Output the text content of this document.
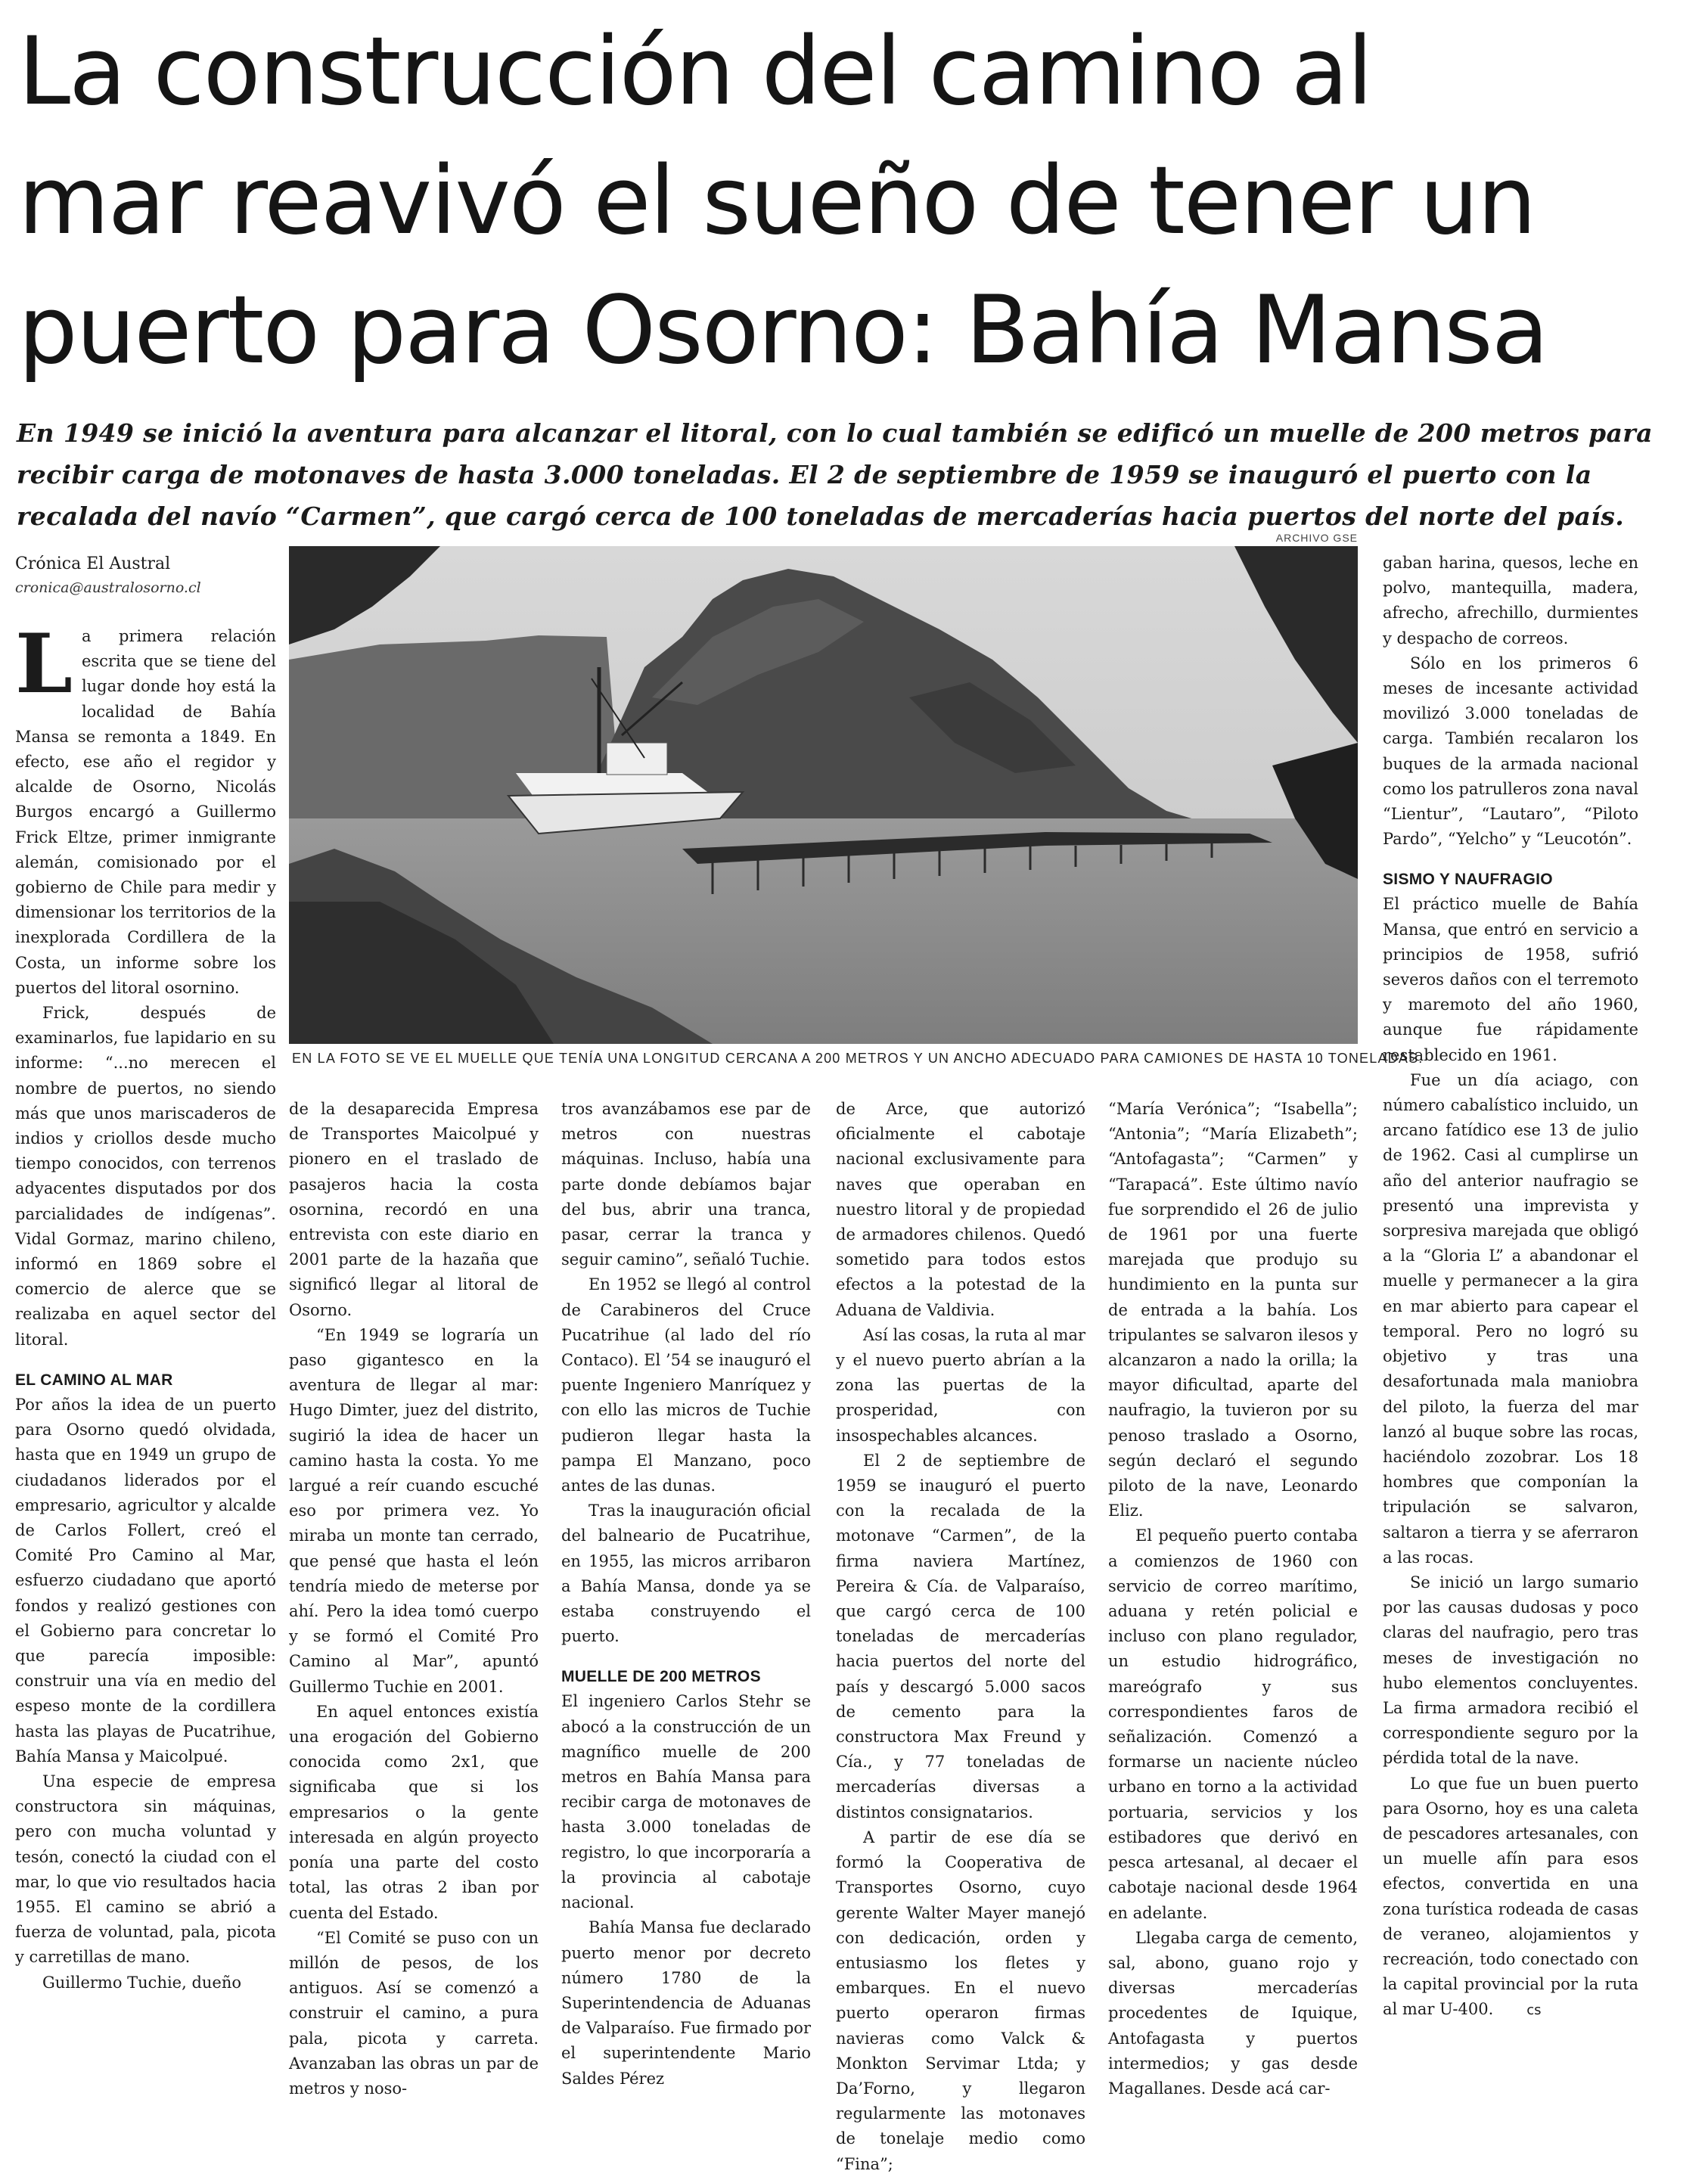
La construcción del camino al
mar reavivó el sueño de tener un
puerto para Osorno: Bahía Mansa
En 1949 se inició la aventura para alcanzar el litoral, con lo cual también se edificó un muelle de 200 metros para
recibir carga de motonaves de hasta 3.000 toneladas. El 2 de septiembre de 1959 se inauguró el puerto con la
recalada del navío “Carmen”, que cargó cerca de 100 toneladas de mercaderías hacia puertos del norte del país.
Crónica El Austral
cronica@australosorno.cl
ARCHIVO GSE
EN LA FOTO SE VE EL MUELLE QUE TENÍA UNA LONGITUD CERCANA A 200 METROS Y UN ANCHO ADECUADO PARA CAMIONES DE HASTA 10 TONELADAS.

La primera relación escrita que se tiene del lugar donde hoy está la localidad de Bahía Mansa se remonta a 1849. En efecto, ese año el regidor y alcalde de Osorno, Nicolás Burgos encargó a Guillermo Frick Eltze, primer inmigrante alemán, comisionado por el gobierno de Chile para medir y dimensionar los territorios de la inexplorada Cordillera de la Costa, un informe sobre los puertos del litoral osornino.

Frick, después de examinarlos, fue lapidario en su informe: “...no merecen el nombre de puertos, no siendo más que unos mariscaderos de indios y criollos desde mucho tiempo conocidos, con terrenos adyacentes disputados por dos parcialidades de indígenas”. Vidal Gormaz, marino chileno, informó en 1869 sobre el comercio de alerce que se realizaba en aquel sector del litoral.

EL CAMINO AL MAR

Por años la idea de un puerto para Osorno quedó olvidada, hasta que en 1949 un grupo de ciudadanos liderados por el empresario, agricultor y alcalde de Carlos Follert, creó el Comité Pro Camino al Mar, esfuerzo ciudadano que aportó fondos y realizó gestiones con el Gobierno para concretar lo que parecía imposible: construir una vía en medio del espeso monte de la cordillera hasta las playas de Pucatrihue, Bahía Mansa y Maicolpué.

Una especie de empresa constructora sin máquinas, pero con mucha voluntad y tesón, conectó la ciudad con el mar, lo que vio resultados hacia 1955. El camino se abrió a fuerza de voluntad, pala, picota y carretillas de mano.

Guillermo Tuchie, dueño

de la desaparecida Empresa de Transportes Maicolpué y pionero en el traslado de pasajeros hacia la costa osornina, recordó en una entrevista con este diario en 2001 parte de la hazaña que significó llegar al litoral de Osorno.

“En 1949 se lograría un paso gigantesco en la aventura de llegar al mar: Hugo Dimter, juez del distrito, sugirió la idea de hacer un camino hasta la costa. Yo me largué a reír cuando escuché eso por primera vez. Yo miraba un monte tan cerrado, que pensé que hasta el león tendría miedo de meterse por ahí. Pero la idea tomó cuerpo y se formó el Comité Pro Camino al Mar”, apuntó Guillermo Tuchie en 2001.

En aquel entonces existía una erogación del Gobierno conocida como 2x1, que significaba que si los empresarios o la gente interesada en algún proyecto ponía una parte del costo total, las otras 2 iban por cuenta del Estado.

“El Comité se puso con un millón de pesos, de los antiguos. Así se comenzó a construir el camino, a pura pala, picota y carreta. Avanzaban las obras un par de metros y noso-

tros avanzábamos ese par de metros con nuestras máquinas. Incluso, había una parte donde debíamos bajar del bus, abrir una tranca, pasar, cerrar la tranca y seguir camino”, señaló Tuchie.

En 1952 se llegó al control de Carabineros del Cruce Pucatrihue (al lado del río Contaco). El ’54 se inauguró el puente Ingeniero Manríquez y con ello las micros de Tuchie pudieron llegar hasta la pampa El Manzano, poco antes de las dunas.

Tras la inauguración oficial del balneario de Pucatrihue, en 1955, las micros arribaron a Bahía Mansa, donde ya se estaba construyendo el puerto.

MUELLE DE 200 METROS

El ingeniero Carlos Stehr se abocó a la construcción de un magnífico muelle de 200 metros en Bahía Mansa para recibir carga de motonaves de hasta 3.000 toneladas de registro, lo que incorporaría a la provincia al cabotaje nacional.

Bahía Mansa fue declarado puerto menor por decreto número 1780 de la Superintendencia de Aduanas de Valparaíso. Fue firmado por el superintendente Mario Saldes Pérez

de Arce, que autorizó oficialmente el cabotaje nacional exclusivamente para naves que operaban en nuestro litoral y de propiedad de armadores chilenos. Quedó sometido para todos estos efectos a la potestad de la Aduana de Valdivia.

Así las cosas, la ruta al mar y el nuevo puerto abrían a la zona las puertas de la prosperidad, con insospechables alcances.

El 2 de septiembre de 1959 se inauguró el puerto con la recalada de la motonave “Carmen”, de la firma naviera Martínez, Pereira & Cía. de Valparaíso, que cargó cerca de 100 toneladas de mercaderías hacia puertos del norte del país y descargó 5.000 sacos de cemento para la constructora Max Freund y Cía., y 77 toneladas de mercaderías diversas a distintos consignatarios.

A partir de ese día se formó la Cooperativa de Transportes Osorno, cuyo gerente Walter Mayer manejó con dedicación, orden y entusiasmo los fletes y embarques. En el nuevo puerto operaron firmas navieras como Valck & Monkton Servimar Ltda; y Da’Forno, y llegaron regularmente las motonaves de tonelaje medio como “Fina”;

“María Verónica”; “Isabella”; “Antonia”; “María Elizabeth”; “Antofagasta”; “Carmen” y “Tarapacá”. Este último navío fue sorprendido el 26 de julio de 1961 por una fuerte marejada que produjo su hundimiento en la punta sur de entrada a la bahía. Los tripulantes se salvaron ilesos y alcanzaron a nado la orilla; la mayor dificultad, aparte del naufragio, la tuvieron por su penoso traslado a Osorno, según declaró el segundo piloto de la nave, Leonardo Eliz.

El pequeño puerto contaba a comienzos de 1960 con servicio de correo marítimo, aduana y retén policial e incluso con plano regulador, un estudio hidrográfico, mareógrafo y sus correspondientes faros de señalización. Comenzó a formarse un naciente núcleo urbano en torno a la actividad portuaria, servicios y los estibadores que derivó en pesca artesanal, al decaer el cabotaje nacional desde 1964 en adelante.

Llegaba carga de cemento, sal, abono, guano rojo y diversas mercaderías procedentes de Iquique, Antofagasta y puertos intermedios; y gas desde Magallanes. Desde acá car-

gaban harina, quesos, leche en polvo, mantequilla, madera, afrecho, afrechillo, durmientes y despacho de correos.

Sólo en los primeros 6 meses de incesante actividad movilizó 3.000 toneladas de carga. También recalaron los buques de la armada nacional como los patrulleros zona naval “Lientur”, “Lautaro”, “Piloto Pardo”, “Yelcho” y “Leucotón”.

SISMO Y NAUFRAGIO

El práctico muelle de Bahía Mansa, que entró en servicio a principios de 1958, sufrió severos daños con el terremoto y maremoto del año 1960, aunque fue rápidamente restablecido en 1961.

Fue un día aciago, con número cabalístico incluido, un arcano fatídico ese 13 de julio de 1962. Casi al cumplirse un año del anterior naufragio se presentó una imprevista y sorpresiva marejada que obligó a la “Gloria L” a abandonar el muelle y permanecer a la gira en mar abierto para capear el temporal. Pero no logró su objetivo y tras una desafortunada mala maniobra del piloto, la fuerza del mar lanzó al buque sobre las rocas, haciéndolo zozobrar. Los 18 hombres que componían la tripulación se salvaron, saltaron a tierra y se aferraron a las rocas.

Se inició un largo sumario por las causas dudosas y poco claras del naufragio, pero tras meses de investigación no hubo elementos concluyentes. La firma armadora recibió el correspondiente seguro por la pérdida total de la nave.

Lo que fue un buen puerto para Osorno, hoy es una caleta de pescadores artesanales, con un muelle afín para esos efectos, convertida en una zona turística rodeada de casas de veraneo, alojamientos y recreación, todo conectado con la capital provincial por la ruta al mar U-400. cs
